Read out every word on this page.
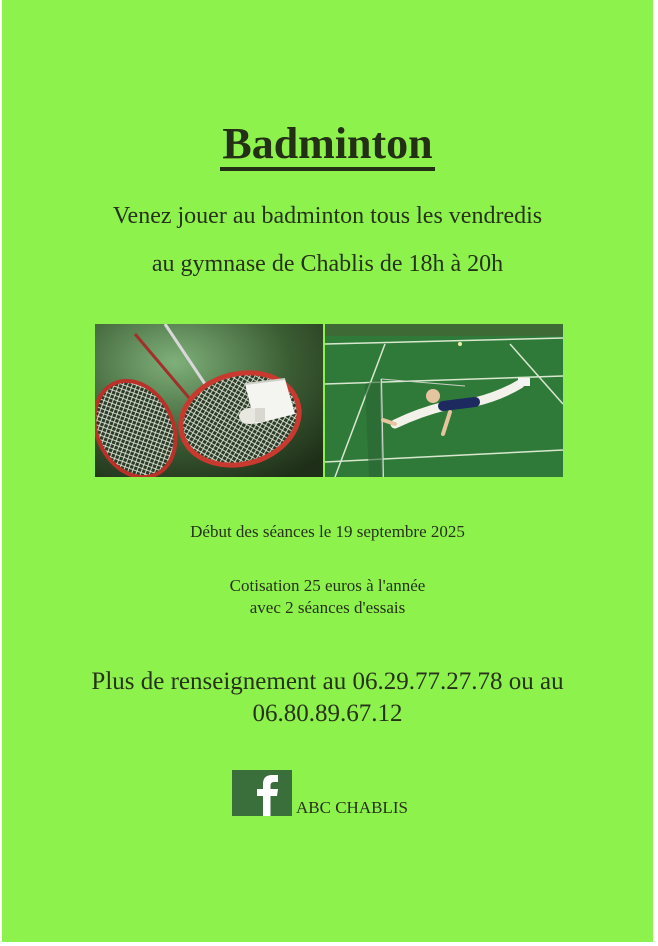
Badminton
Venez jouer au badminton tous les vendredis
au gymnase de Chablis de 18h à 20h
Début des séances le 19 septembre 2025
Cotisation 25 euros à l'année
avec 2 séances d'essais
Plus de renseignement au 06.29.77.27.78 ou au
06.80.89.67.12
ABC CHABLIS
